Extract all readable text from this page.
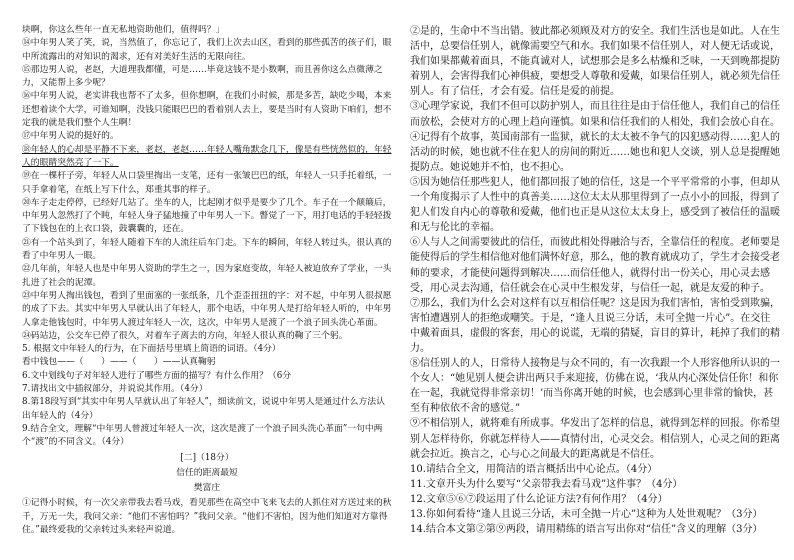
块啊，你这么些年一直无私地资助他们，值得吗？」

⑭中年男人笑了笑，说，当然值了，你忘记了，我们上次去山区，看到的那些孤苦的孩子们，眼中所流露出的对知识的渴求，还有对美好生活的无限向往。

⑮那边男人说，老赵，大道理我都懂，可是……毕竟这钱不是小数啊，而且善你这么点微薄之力，又能帮上多少呢？

⑯中年男人说，老实讲我也帮不了太多，但你想啊，在我们小时候，那是多苦，缺吃少喝，本来还想着读个大学，可谁知啊，没钱只能眼巴巴的看着别人去上，要是当时有人资助下咱们，想不定我的就是我们整个人生啊！

⑰中年男人说的挺好的。

⑱年轻人的心却是平静不下来，老赵，老赵……年轻人嘴角默念几下，像是有些恍然似的，年轻人的眼睛突然亮了一下。

⑲在一棵杆子旁，年轻人从口袋里掏出一支笔，还有一张皱巴巴的纸，年轻人一只手托着纸，一只手拿着笔，在纸上写下什么，郑重其事的样子。

⑳车子走走停停，已经好几站了。坐车的人，比起刚才似乎是要少了几个。车子在一个颠簸后，中年男人忽然打了个盹，年轻人身子猛地撞了中年男人一下。瞥觉了一下，用打电话的手轻轻拨了下钱包在的上衣口袋，鼓囊囊的，还在。

㉑有一个站头到了，年轻人随着下车的人流往后车门走。下车的瞬间，年轻人转过头，很认真的看了中年男人一眼。

㉒几年前，年轻人也是中年男人资助的学生之一，因为家庭变故，年轻人被迫放弃了学业，一头扎进了社会的泥潭。

㉓中年男人掏出钱包，看到了里面塞的一张纸条，几个歪歪扭扭的字：对不起，中年男人很叔愿的成了下去。其实中年男人早就认出了年轻人，那个电话，中年男人是打给年轻人听的，中年男人拿走他钱包时，中年男人渡过年轻人一次，这次，中年男人是渡了一个浪子回头洗心革面。

㉔码站边，公交车已停了很久，对着车子离去的方向，年轻人很认真的鞠了三个躬。

5. 根据文中年轻人的行为，在下面括号里填上简语的词语。（4分）

看中钱包——（　　）——（　　）——认真鞠躬

6.文中划线句子对年轻人进行了哪些方面的描写？有什么作用？（6分

7.请找出文中插叙部分，并说说其作用。（4分）

8.第18段写到“其实中年男人早就认出了年轻人”，细读前文，说说中年男人是通过什么方法认出年轻人的（4分）

9.结合全文，理解“中年男人曾渡过年轻人一次，这次是渡了一个浪子回头洗心革面”一句中两个“渡”的不同含义。（4分）

[二]（18分）

信任的距离最短

樊富庄

①记得小时候，有一次父亲带我去看马戏，看见那些在高空中飞来飞去的人抓住对方送过来的秋千，万无一失，我问父亲：“他们不害怕吗？”我问父亲。“他们不害怕，因为他们知道对方靠得住。”最终爱我的父亲转过头来轻声说道。

②是的，生命中不当出错。彼此都必须顾及对方的安全。我们生活也是如此。人在生活中，总要信任别人，就像需要空气和水。我们如果不信任别人，对人便无话或说，我们如果都戴着面具，不能真诚对人，试想那会是多么枯燥和乏味，一天到晚都提防着别人，会害得我们心神俱疲，要想受人尊敬和爱戴，如果信任别人，就必须先信任别人。有了信任，才会有爱。信任是爱的前提。

③心理学家说，我们不但可以防护别人，而且往往是由于信任他人，我们自己的信任而放松，会使对方的心理上趋向谨慎。如果和信任我们的人相处，我们会放心自在。

④记得有个故事，英国南部有一监狱，就长的太太被不争气的囚犯感动得……犯人的活动的时候，她也就不住在犯人的房间的附近……她也和犯人交谈，别人总是提醒她提防点。她说她并不怕，也不担心。

⑤因为她信任那些犯人，他们都回报了她的信任，这是一个平平常常的小事，但却从一个角度揭示了人性中的真善美……这位太太从那里得到了一点小小的回报，得到了犯人们发自内心的尊敬和爱戴，他们也正是从这位太太身上，感受到了被信任的温暖和无与伦比的幸福。

⑥人与人之间需要彼此的信任，而彼此相处得融洽与否，全靠信任的程度。老师要是能使得后的学生相信他对他们满怀好意，那么，他的教育就成功了，学生才会接受老师的要求，才能使问题得到解决……而信任他人，就得付出一份关心，用心灵去感受，用心灵去沟通，信任就会在心灵中生根发芽，与信任一起，就是友爱的种子。

⑦那么，我们为什么会对这样有以互相信任呢？这是因为我们害怕，害怕受到欺骗，害怕遭遇别人的拒绝或嘲笑。于是，“逢人且说三分话，未可全抛一片心”。在交往中戴着面具，虚假的客套，用心的说谎，无端的猜疑，盲目的算计，耗掉了我们的精力。

⑧信任别人的人，日常待人接物是与众不同的，有一次我跟一个人形容他所认识的一个女人：“她见别人便会讲出两只手来迎接，仿佛在说，‘我从内心深处信任你！和你在一起，我就觉得非常亲切！’而当你离开她的时候，也会感到心里非常的愉快，甚至有种依依不舍的感觉。”

⑨不相信别人，就将难有所成事。华发出了怎样的信息，就得到怎样的回报。你希望别人怎样待你，你就怎样待人——真情付出，心灵交会。相信别人，心灵之间的距离就会拉近。换言之，心与心之间最大的距离就是不信任。

10.请结合全文，用简洁的语言概括出中心论点。（4分）

11.文章开头为什么要写“父亲带我去看马戏”这件事？（4分）

12.文章⑤⑥⑦段运用了什么论证方法?有何作用？（4分）

13.你如何看待“逢人且说三分话，未可全抛一片心”这种为人处世观呢？（3分）

14.结合本文第②第⑨两段，请用精练的语言写出你对“信任”含义的理解（3分）
